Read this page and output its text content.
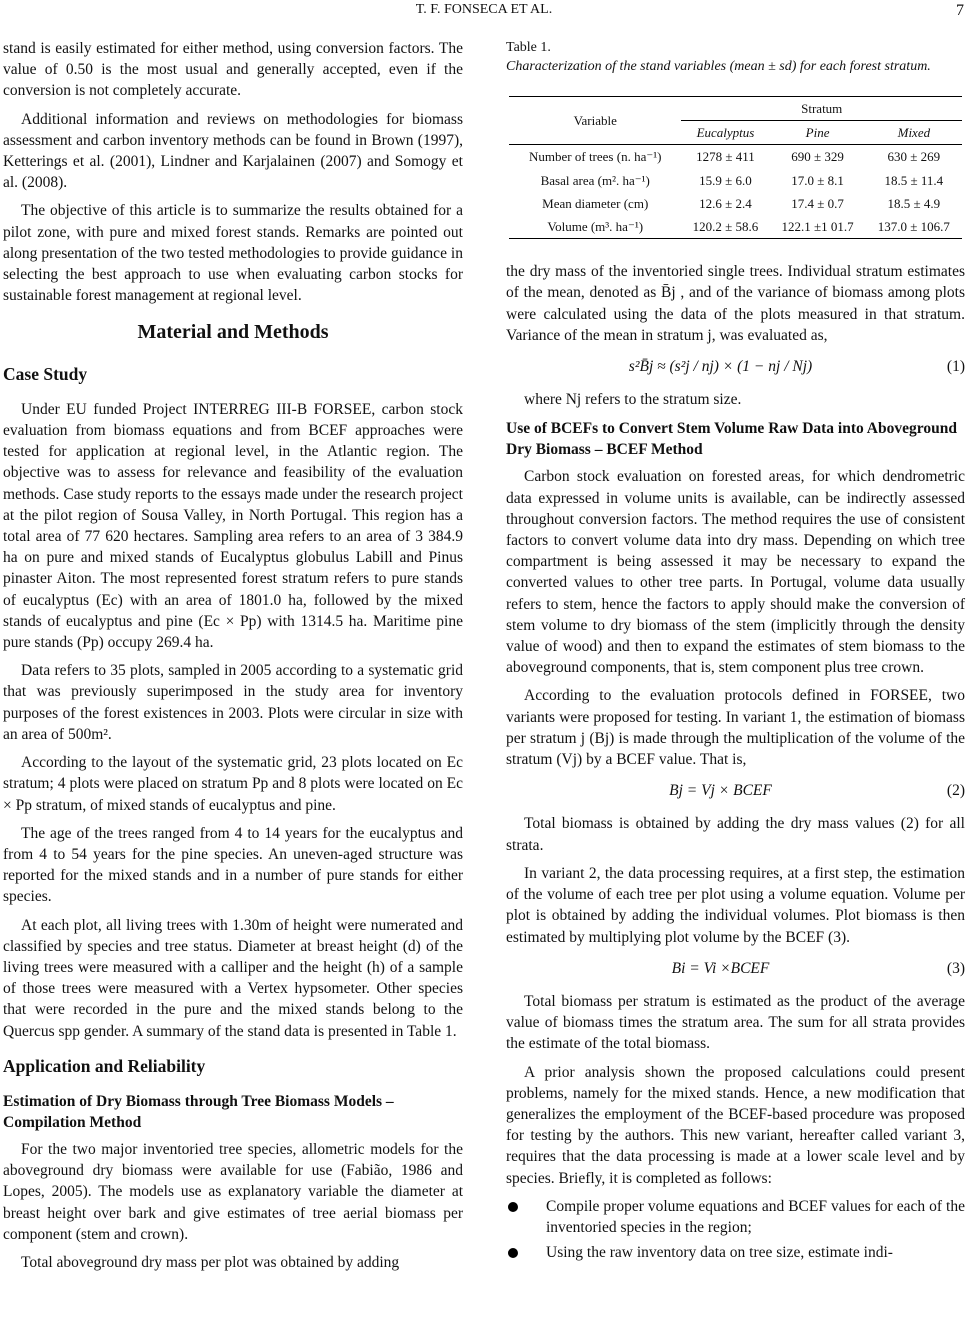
T. F. FONSECA ET AL.	7

stand is easily estimated for either method, using conversion factors. The value of 0.50 is the most usual and generally accepted, even if the conversion is not completely accurate.

Additional information and reviews on methodologies for biomass assessment and carbon inventory methods can be found in Brown (1997), Ketterings et al. (2001), Lindner and Karjalainen (2007) and Somogy et al. (2008).

The objective of this article is to summarize the results obtained for a pilot zone, with pure and mixed forest stands. Remarks are pointed out along presentation of the two tested methodologies to provide guidance in selecting the best approach to use when evaluating carbon stocks for sustainable forest management at regional level.

Material and Methods
Case Study

Under EU funded Project INTERREG III-B FORSEE, carbon stock evaluation from biomass equations and from BCEF approaches were tested for application at regional level, in the Atlantic region. The objective was to assess for relevance and feasibility of the evaluation methods. Case study reports to the essays made under the research project at the pilot region of Sousa Valley, in North Portugal. This region has a total area of 77 620 hectares. Sampling area refers to an area of 3 384.9 ha on pure and mixed stands of Eucalyptus globulus Labill and Pinus pinaster Aiton. The most represented forest stratum refers to pure stands of eucalyptus (Ec) with an area of 1801.0 ha, followed by the mixed stands of eucalyptus and pine (Ec × Pp) with 1314.5 ha. Maritime pine pure stands (Pp) occupy 269.4 ha.

Data refers to 35 plots, sampled in 2005 according to a systematic grid that was previously superimposed in the study area for inventory purposes of the forest existences in 2003. Plots were circular in size with an area of 500m².

According to the layout of the systematic grid, 23 plots located on Ec stratum; 4 plots were placed on stratum Pp and 8 plots were located on Ec × Pp stratum, of mixed stands of eucalyptus and pine.

The age of the trees ranged from 4 to 14 years for the eucalyptus and from 4 to 54 years for the pine species. An uneven-aged structure was reported for the mixed stands and in a number of pure stands for either species.

At each plot, all living trees with 1.30m of height were numerated and classified by species and tree status. Diameter at breast height (d) of the living trees were measured with a calliper and the height (h) of a sample of those trees were measured with a Vertex hypsometer. Other species that were recorded in the pure and the mixed stands belong to the Quercus spp gender. A summary of the stand data is presented in Table 1.

Application and Reliability
Estimation of Dry Biomass through Tree Biomass Models – Compilation Method

For the two major inventoried tree species, allometric models for the aboveground dry biomass were available for use (Fabião, 1986 and Lopes, 2005). The models use as explanatory variable the diameter at breast height over bark and give estimates of tree aerial biomass per component (stem and crown).

Total aboveground dry mass per plot was obtained by adding

Table 1.
Characterization of the stand variables (mean ± sd) for each forest stratum.
Variable	Stratum		
	Eucalyptus	Pine	Mixed
Number of trees (n. ha⁻¹)	1278 ± 411	690 ± 329	630 ± 269
Basal area (m². ha⁻¹)	15.9 ± 6.0	17.0 ± 8.1	18.5 ± 11.4
Mean diameter (cm)	12.6 ± 2.4	17.4 ± 0.7	18.5 ± 4.9
Volume (m³. ha⁻¹)	120.2 ± 58.6	122.1 ±1 01.7	137.0 ± 106.7

the dry mass of the inventoried single trees. Individual stratum estimates of the mean, denoted as B̄j , and of the variance of biomass among plots were calculated using the data of the plots measured in that stratum. Variance of the mean in stratum j, was evaluated as,

s²B̄j ≈ (s²j / nj) × (1 − nj / Nj)	(1)

where Nj refers to the stratum size.

Use of BCEFs to Convert Stem Volume Raw Data into Aboveground Dry Biomass – BCEF Method

Carbon stock evaluation on forested areas, for which dendrometric data expressed in volume units is available, can be indirectly assessed throughout conversion factors. The method requires the use of consistent factors to convert volume data into dry mass. Depending on which tree compartment is being assessed it may be necessary to expand the converted values to other tree parts. In Portugal, volume data usually refers to stem, hence the factors to apply should make the conversion of stem volume to dry biomass of the stem (implicitly through the density value of wood) and then to expand the estimates of stem biomass to the aboveground components, that is, stem component plus tree crown.

According to the evaluation protocols defined in FORSEE, two variants were proposed for testing. In variant 1, the estimation of biomass per stratum j (Bj) is made through the multiplication of the volume of the stratum (Vj) by a BCEF value. That is,

Bj = Vj × BCEF	(2)

Total biomass is obtained by adding the dry mass values (2) for all strata.

In variant 2, the data processing requires, at a first step, the estimation of the volume of each tree per plot using a volume equation. Volume per plot is obtained by adding the individual volumes. Plot biomass is then estimated by multiplying plot volume by the BCEF (3).

Bi = Vi ×BCEF	(3)

Total biomass per stratum is estimated as the product of the average value of biomass times the stratum area. The sum for all strata provides the estimate of the total biomass.

A prior analysis shown the proposed calculations could present problems, namely for the mixed stands. Hence, a new modification that generalizes the employment of the BCEF-based procedure was proposed for testing by the authors. This new variant, hereafter called variant 3, requires that the data processing is made at a lower scale level and by species. Briefly, it is completed as follows:

Compile proper volume equations and BCEF values for each of the inventoried species in the region;
Using the raw inventory data on tree size, estimate indi-
